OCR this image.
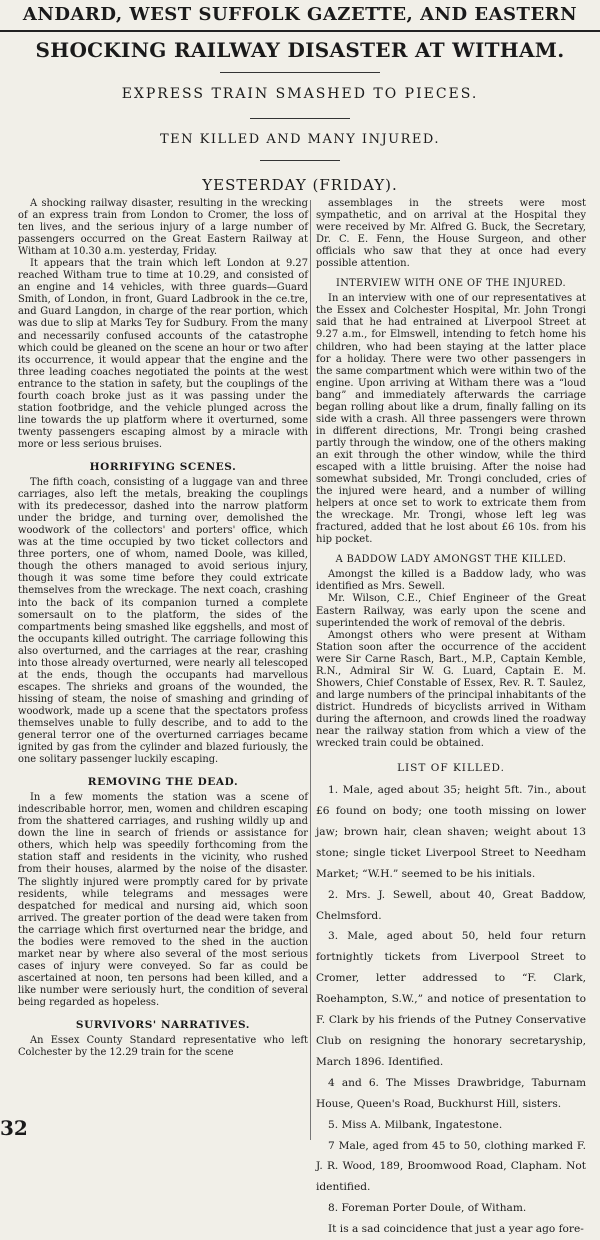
ANDARD, WEST SUFFOLK GAZETTE, AND EASTERN
SHOCKING RAILWAY DISASTER AT WITHAM.
EXPRESS TRAIN SMASHED TO PIECES.
TEN KILLED AND MANY INJURED.
YESTERDAY (FRIDAY).

A shocking railway disaster, resulting in the wrecking of an express train from London to Cromer, the loss of ten lives, and the serious injury of a large number of passengers occurred on the Great Eastern Railway at Witham at 10.30 a.m. yesterday, Friday.

It appears that the train which left London at 9.27 reached Witham true to time at 10.29, and consisted of an engine and 14 vehicles, with three guards—Guard Smith, of London, in front, Guard Ladbrook in the ce.tre, and Guard Langdon, in charge of the rear portion, which was due to slip at Marks Tey for Sudbury. From the many and necessarily confused accounts of the catastrophe which could be gleaned on the scene an hour or two after its occurrence, it would appear that the engine and the three leading coaches negotiated the points at the west entrance to the station in safety, but the couplings of the fourth coach broke just as it was passing under the station footbridge, and the vehicle plunged across the line towards the up platform where it overturned, some twenty passengers escaping almost by a miracle with more or less serious bruises.

HORRIFYING SCENES.

The fifth coach, consisting of a luggage van and three carriages, also left the metals, breaking the couplings with its predecessor, dashed into the narrow platform under the bridge, and turning over, demolished the woodwork of the collectors' and porters' office, which was at the time occupied by two ticket collectors and three porters, one of whom, named Doole, was killed, though the others managed to avoid serious injury, though it was some time before they could extricate themselves from the wreckage. The next coach, crashing into the back of its companion turned a complete somersault on to the platform, the sides of the compartments being smashed like eggshells, and most of the occupants killed outright. The carriage following this also overturned, and the carriages at the rear, crashing into those already overturned, were nearly all telescoped at the ends, though the occupants had marvellous escapes. The shrieks and groans of the wounded, the hissing of steam, the noise of smashing and grinding of woodwork, made up a scene that the spectators profess themselves unable to fully describe, and to add to the general terror one of the overturned carriages became ignited by gas from the cylinder and blazed furiously, the one solitary passenger luckily escaping.

REMOVING THE DEAD.

In a few moments the station was a scene of indescribable horror, men, women and children escaping from the shattered carriages, and rushing wildly up and down the line in search of friends or assistance for others, which help was speedily forthcoming from the station staff and residents in the vicinity, who rushed from their houses, alarmed by the noise of the disaster. The slightly injured were promptly cared for by private residents, while telegrams and messages were despatched for medical and nursing aid, which soon arrived. The greater portion of the dead were taken from the carriage which first overturned near the bridge, and the bodies were removed to the shed in the auction market near by where also several of the most serious cases of injury were conveyed. So far as could be ascertained at noon, ten persons had been killed, and a like number were seriously hurt, the condition of several being regarded as hopeless.

SURVIVORS' NARRATIVES.

An Essex County Standard representative who left Colchester by the 12.29 train for the scene

assemblages in the streets were most sympathetic, and on arrival at the Hospital they were received by Mr. Alfred G. Buck, the Secretary, Dr. C. E. Fenn, the House Surgeon, and other officials who saw that they at once had every possible attention.

INTERVIEW WITH ONE OF THE INJURED.

In an interview with one of our representatives at the Essex and Colchester Hospital, Mr. John Trongi said that he had entrained at Liverpool Street at 9.27 a.m., for Elmswell, intending to fetch home his children, who had been staying at the latter place for a holiday. There were two other passengers in the same compartment which were within two of the engine. Upon arriving at Witham there was a “loud bang” and immediately afterwards the carriage began rolling about like a drum, finally falling on its side with a crash. All three passengers were thrown in different directions, Mr. Trongi being crashed partly through the window, one of the others making an exit through the other window, while the third escaped with a little bruising. After the noise had somewhat subsided, Mr. Trongi concluded, cries of the injured were heard, and a number of willing helpers at once set to work to extricate them from the wreckage. Mr. Trongi, whose left leg was fractured, added that he lost about £6 10s. from his hip pocket.

A BADDOW LADY AMONGST THE KILLED.

Amongst the killed is a Baddow lady, who was identified as Mrs. Sewell.

Mr. Wilson, C.E., Chief Engineer of the Great Eastern Railway, was early upon the scene and superintended the work of removal of the debris.

Amongst others who were present at Witham Station soon after the occurrence of the accident were Sir Carne Rasch, Bart., M.P., Captain Kemble, R.N., Admiral Sir W. G. Luard, Captain E. M. Showers, Chief Constable of Essex, Rev. R. T. Saulez, and large numbers of the principal inhabitants of the district. Hundreds of bicyclists arrived in Witham during the afternoon, and crowds lined the roadway near the railway station from which a view of the wrecked train could be obtained.

LIST OF KILLED.

1. Male, aged about 35; height 5ft. 7in., about £6 found on body; one tooth missing on lower jaw; brown hair, clean shaven; weight about 13 stone; single ticket Liverpool Street to Needham Market; “W.H.” seemed to be his initials.

2. Mrs. J. Sewell, about 40, Great Baddow, Chelmsford.

3. Male, aged about 50, held four return fortnightly tickets from Liverpool Street to Cromer, letter addressed to “F. Clark, Roehampton, S.W.,” and notice of presentation to F. Clark by his friends of the Putney Conservative Club on resigning the honorary secretaryship, March 1896. Identified.

4 and 6. The Misses Drawbridge, Taburnam House, Queen's Road, Buckhurst Hill, sisters.

5. Miss A. Milbank, Ingatestone.

7 Male, aged from 45 to 50, clothing marked F. J. R. Wood, 189, Broomwood Road, Clapham. Not identified.

8. Foreman Porter Doule, of Witham.

It is a sad coincidence that just a year ago fore-

32
